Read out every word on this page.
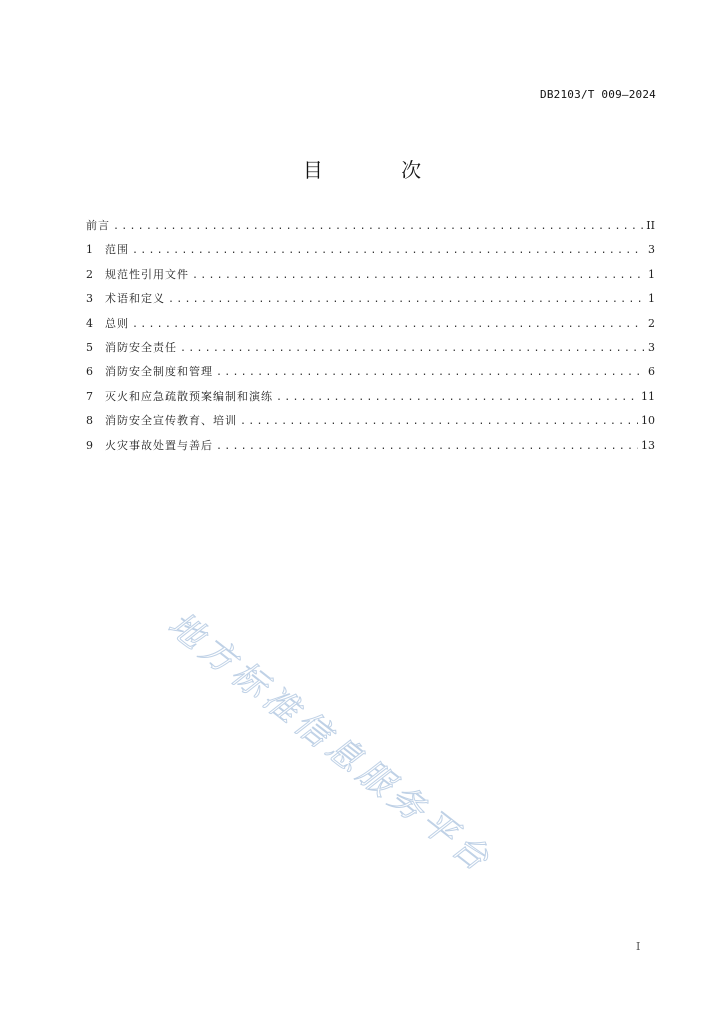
DB2103/T 009—2024
目 次
前言 .....	II
1	范围 .....	3
2	规范性引用文件 .....	1
3	术语和定义 .....	1
4	总则 .....	2
5	消防安全责任 .....	3
6	消防安全制度和管理 .....	6
7	灭火和应急疏散预案编制和演练 .....	11
8	消防安全宣传教育、培训 .....	10
9	火灾事故处置与善后 .....	13
地方标准信息服务平台
I
